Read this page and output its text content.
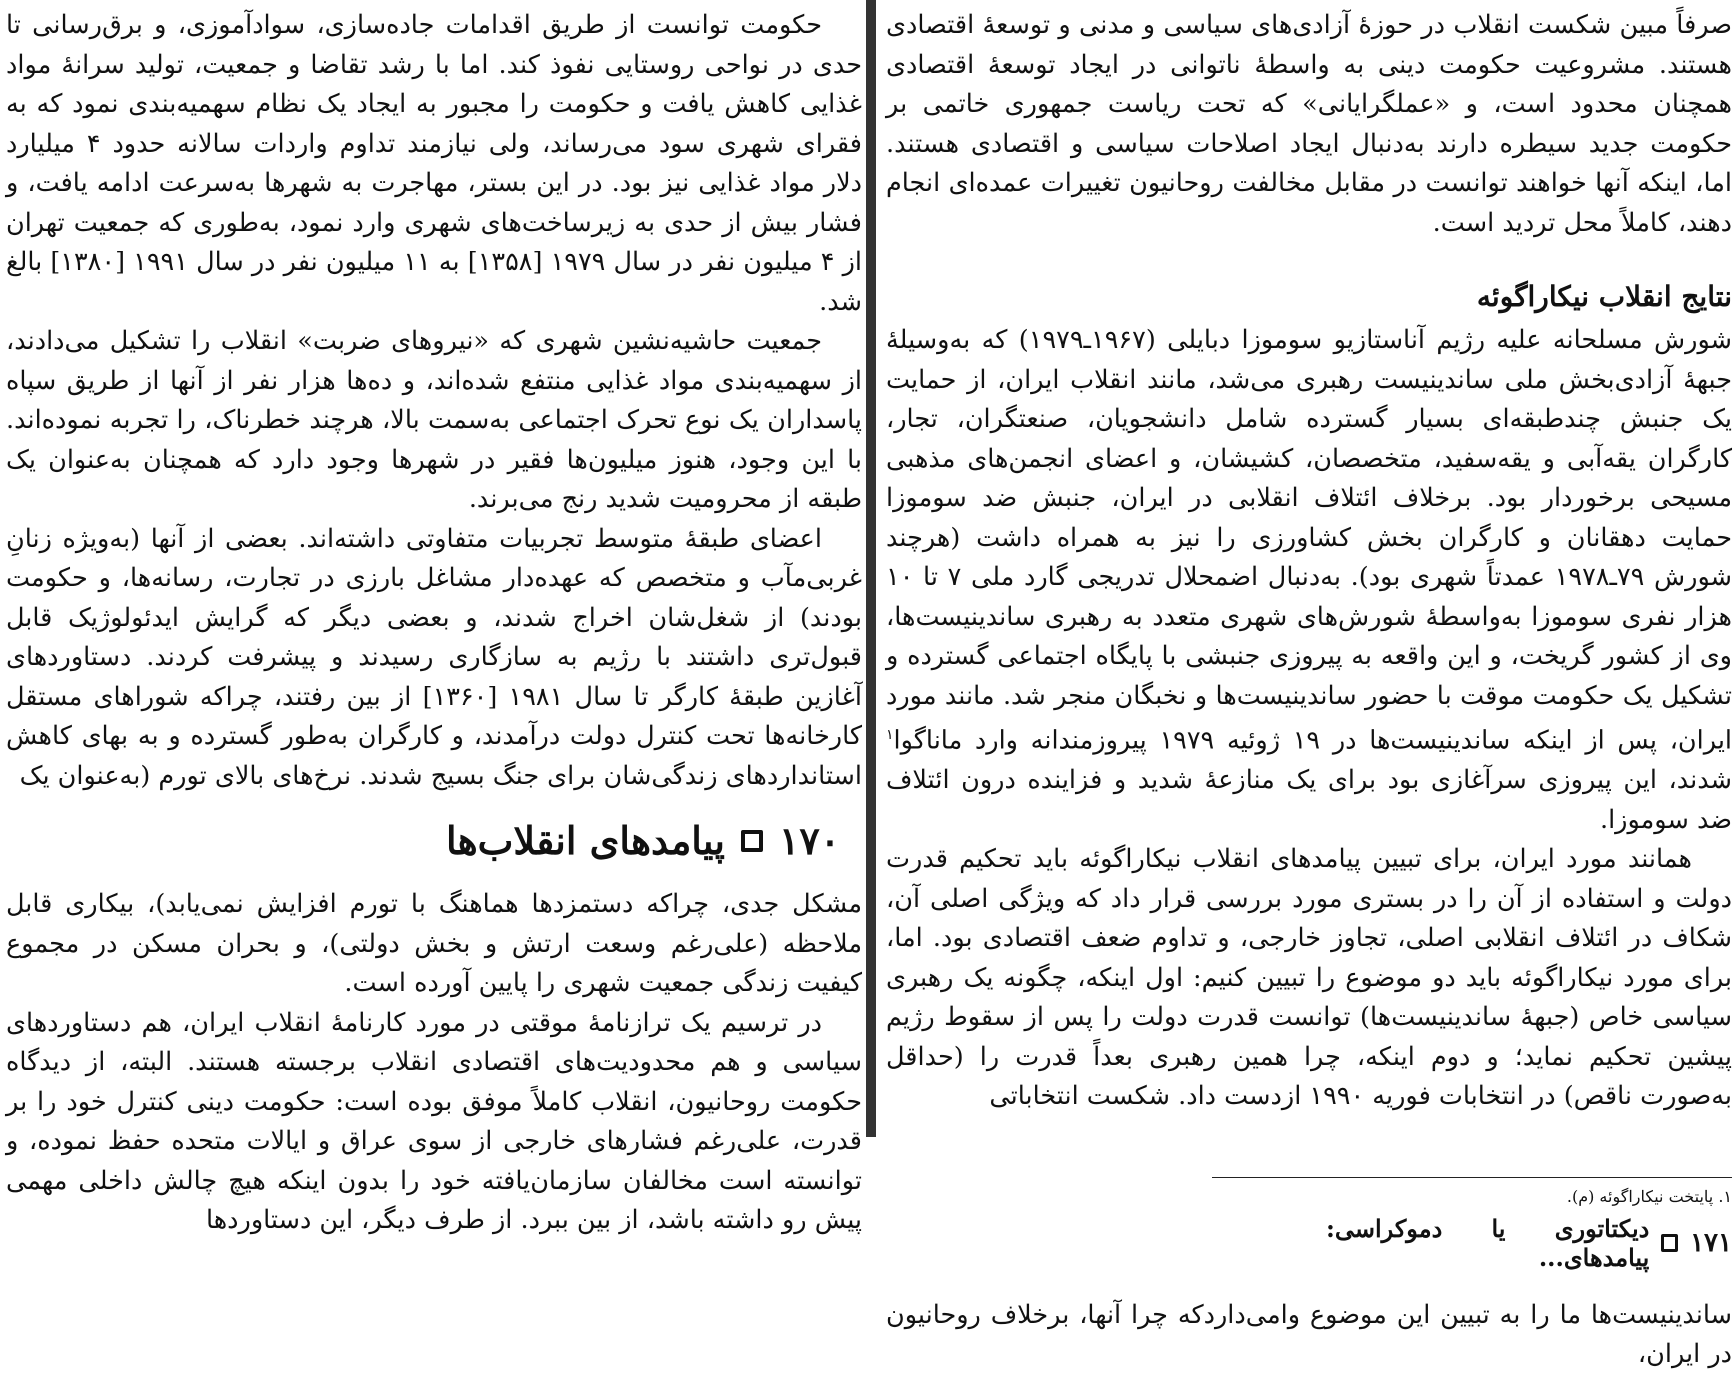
حکومت توانست از طریق اقدامات جاده‌سازی، سوادآموزی، و برق‌رسانی تا حدی در نواحی روستایی نفوذ کند. اما با رشد تقاضا و جمعیت، تولید سرانهٔ مواد غذایی کاهش یافت و حکومت را مجبور به ایجاد یک نظام سهمیه‌بندی نمود که به فقرای شهری سود می‌رساند، ولی نیازمند تداوم واردات سالانه حدود ۴ میلیارد دلار مواد غذایی نیز بود. در این بستر، مهاجرت به شهرها به‌سرعت ادامه یافت، و فشار بیش از حدی به زیرساخت‌های شهری وارد نمود، به‌طوری که جمعیت تهران از ۴ میلیون نفر در سال ۱۹۷۹ [۱۳۵۸] به ۱۱ میلیون نفر در سال ۱۹۹۱ [۱۳۸۰] بالغ شد.

جمعیت حاشیه‌نشین شهری که «نیروهای ضربت» انقلاب را تشکیل می‌دادند، از سهمیه‌بندی مواد غذایی منتفع شده‌اند، و ده‌ها هزار نفر از آنها از طریق سپاه پاسداران یک نوع تحرک اجتماعی به‌سمت بالا، هرچند خطرناک، را تجربه نموده‌اند. با این وجود، هنوز میلیون‌ها فقیر در شهرها وجود دارد که همچنان به‌عنوان یک طبقه از محرومیت شدید رنج می‌برند.

اعضای طبقهٔ متوسط تجربیات متفاوتی داشته‌اند. بعضی از آنها (به‌ویژه زنانِ غربی‌مآب و متخصص که عهده‌دار مشاغل بارزی در تجارت، رسانه‌ها، و حکومت بودند) از شغل‌شان اخراج شدند، و بعضی دیگر که گرایش ایدئولوژیک قابل قبول‌تری داشتند با رژیم به سازگاری رسیدند و پیشرفت کردند. دستاوردهای آغازین طبقهٔ کارگر تا سال ۱۹۸۱ [۱۳۶۰] از بین رفتند، چراکه شوراهای مستقل کارخانه‌ها تحت کنترل دولت درآمدند، و کارگران به‌طور گسترده و به بهای کاهش استانداردهای زندگی‌شان برای جنگ بسیج شدند. نرخ‌های بالای تورم (به‌عنوان یک

۱۷۰
پیامدهای انقلاب‌ها

مشکل جدی، چراکه دستمزدها هماهنگ با تورم افزایش نمی‌یابد)، بیکاری قابل ملاحظه (علی‌رغم وسعت ارتش و بخش دولتی)، و بحران مسکن در مجموع کیفیت زندگی جمعیت شهری را پایین آورده است.

در ترسیم یک ترازنامهٔ موقتی در مورد کارنامهٔ انقلاب ایران، هم دستاوردهای سیاسی و هم محدودیت‌های اقتصادی انقلاب برجسته هستند. البته، از دیدگاه حکومت روحانیون، انقلاب کاملاً موفق بوده است: حکومت دینی کنترل خود را بر قدرت، علی‌رغم فشارهای خارجی از سوی عراق و ایالات متحده حفظ نموده، و توانسته است مخالفان سازمان‌یافته خود را بدون اینکه هیچ چالش داخلی مهمی پیش رو داشته باشد، از بین ببرد. از طرف دیگر، این دستاوردها

صرفاً مبین شکست انقلاب در حوزهٔ آزادی‌های سیاسی و مدنی و توسعهٔ اقتصادی هستند. مشروعیت حکومت دینی به واسطهٔ ناتوانی در ایجاد توسعهٔ اقتصادی همچنان محدود است، و «عملگرایانی» که تحت ریاست جمهوری خاتمی بر حکومت جدید سیطره دارند به‌دنبال ایجاد اصلاحات سیاسی و اقتصادی هستند. اما، اینکه آنها خواهند توانست در مقابل مخالفت روحانیون تغییرات عمده‌ای انجام دهند، کاملاً محل تردید است.

نتایج انقلاب نیکاراگوئه

شورش مسلحانه علیه رژیم آناستازیو سوموزا دبایلی (۱۹۶۷ـ۱۹۷۹) که به‌وسیلهٔ جبههٔ آزادی‌بخش ملی ساندینیست رهبری می‌شد، مانند انقلاب ایران، از حمایت یک جنبش چندطبقه‌ای بسیار گسترده شامل دانشجویان، صنعتگران، تجار، کارگران یقه‌آبی و یقه‌سفید، متخصصان، کشیشان، و اعضای انجمن‌های مذهبی مسیحی برخوردار بود. برخلاف ائتلاف انقلابی در ایران، جنبش ضد سوموزا حمایت دهقانان و کارگران بخش کشاورزی را نیز به همراه داشت (هرچند شورش ۷۹ـ۱۹۷۸ عمدتاً شهری بود). به‌دنبال اضمحلال تدریجی گارد ملی ۷ تا ۱۰ هزار نفری سوموزا به‌واسطهٔ شورش‌های شهری متعدد به رهبری ساندینیست‌ها، وی از کشور گریخت، و این واقعه به پیروزی جنبشی با پایگاه اجتماعی گسترده و تشکیل یک حکومت موقت با حضور ساندینیست‌ها و نخبگان منجر شد. مانند مورد ایران، پس از اینکه ساندینیست‌ها در ۱۹ ژوئیه ۱۹۷۹ پیروزمندانه وارد ماناگوا$^۱$ شدند، این پیروزی سرآغازی بود برای یک منازعهٔ شدید و فزاینده درون ائتلاف ضد سوموزا.

همانند مورد ایران، برای تبیین پیامدهای انقلاب نیکاراگوئه باید تحکیم قدرت دولت و استفاده از آن را در بستری مورد بررسی قرار داد که ویژگی اصلی آن، شکاف در ائتلاف انقلابی اصلی، تجاوز خارجی، و تداوم ضعف اقتصادی بود. اما، برای مورد نیکاراگوئه باید دو موضوع را تبیین کنیم: اول اینکه، چگونه یک رهبری سیاسی خاص (جبههٔ ساندینیست‌ها) توانست قدرت دولت را پس از سقوط رژیم پیشین تحکیم نماید؛ و دوم اینکه، چرا همین رهبری بعداً قدرت را (حداقل به‌صورت ناقص) در انتخابات فوریه ۱۹۹۰ ازدست داد. شکست انتخاباتی

۱. پایتخت نیکاراگوئه (م).
۱۷۱
دیکتاتوری یا دموکراسی: پیامدهای...

ساندینیست‌ها ما را به تبیین این موضوع وامی‌داردکه چرا آنها، برخلاف روحانیون در ایران،
